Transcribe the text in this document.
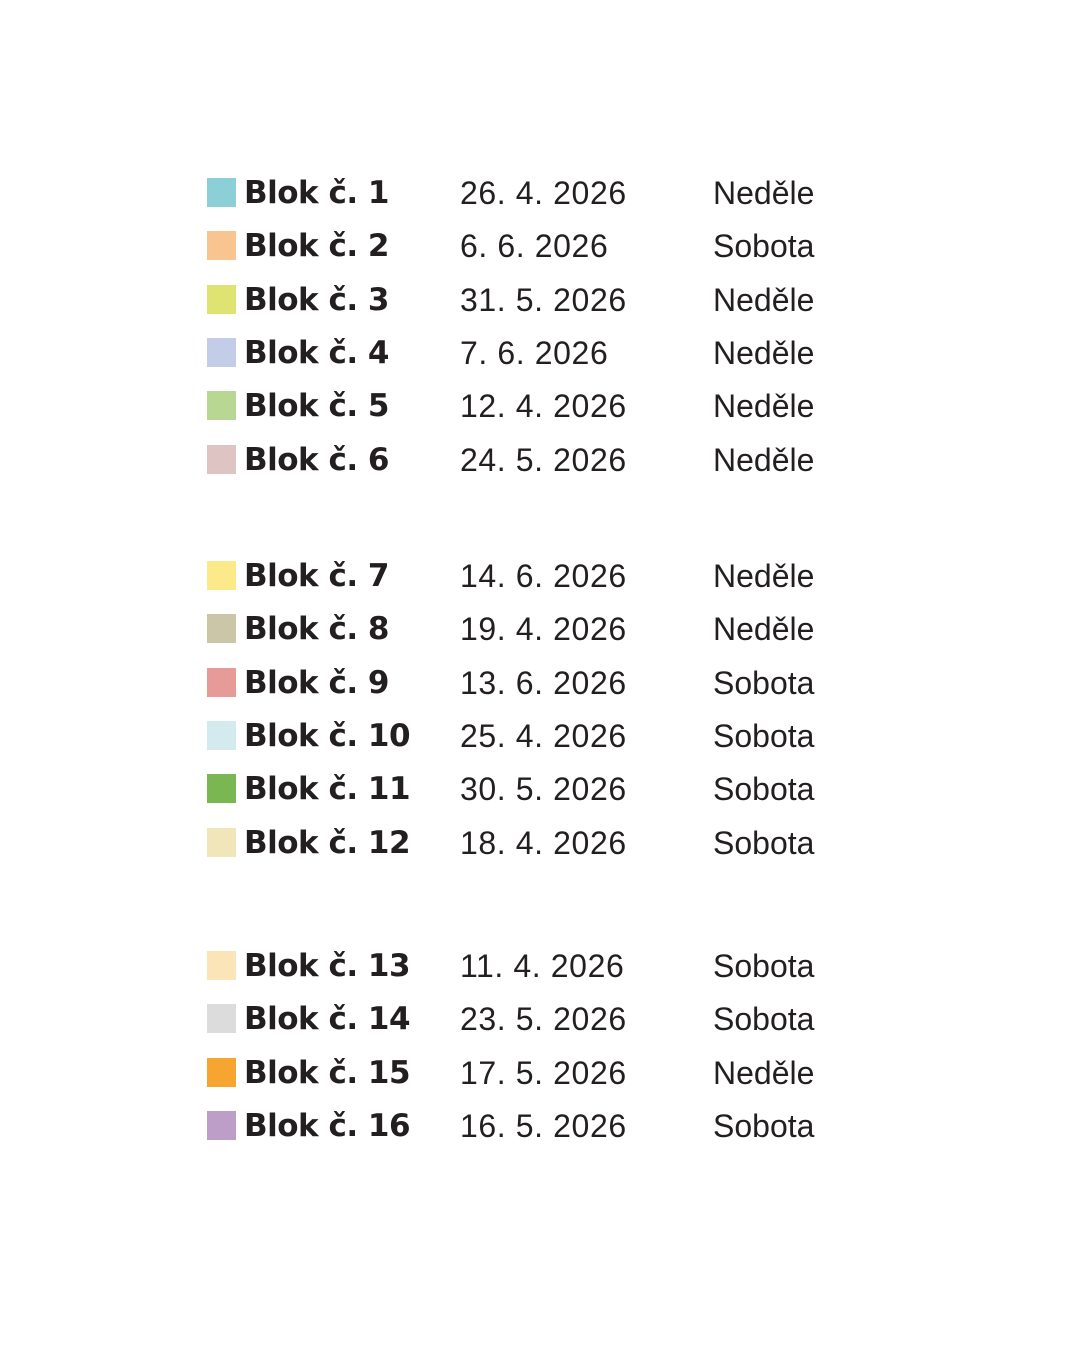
Blok č. 1 26. 4. 2026	Neděle
Blok č. 2 6. 6. 2026	Sobota
Blok č. 3 31. 5. 2026	Neděle
Blok č. 4 7. 6. 2026	Neděle
Blok č. 5 12. 4. 2026	Neděle
Blok č. 6 24. 5. 2026	Neděle
Blok č. 7 14. 6. 2026	Neděle
Blok č. 8 19. 4. 2026	Neděle
Blok č. 9 13. 6. 2026	Sobota
Blok č. 10 25. 4. 2026	Sobota
Blok č. 11 30. 5. 2026	Sobota
Blok č. 12 18. 4. 2026	Sobota
Blok č. 13 11. 4. 2026	Sobota
Blok č. 14 23. 5. 2026	Sobota
Blok č. 15 17. 5. 2026	Neděle
Blok č. 16 16. 5. 2026	Sobota
